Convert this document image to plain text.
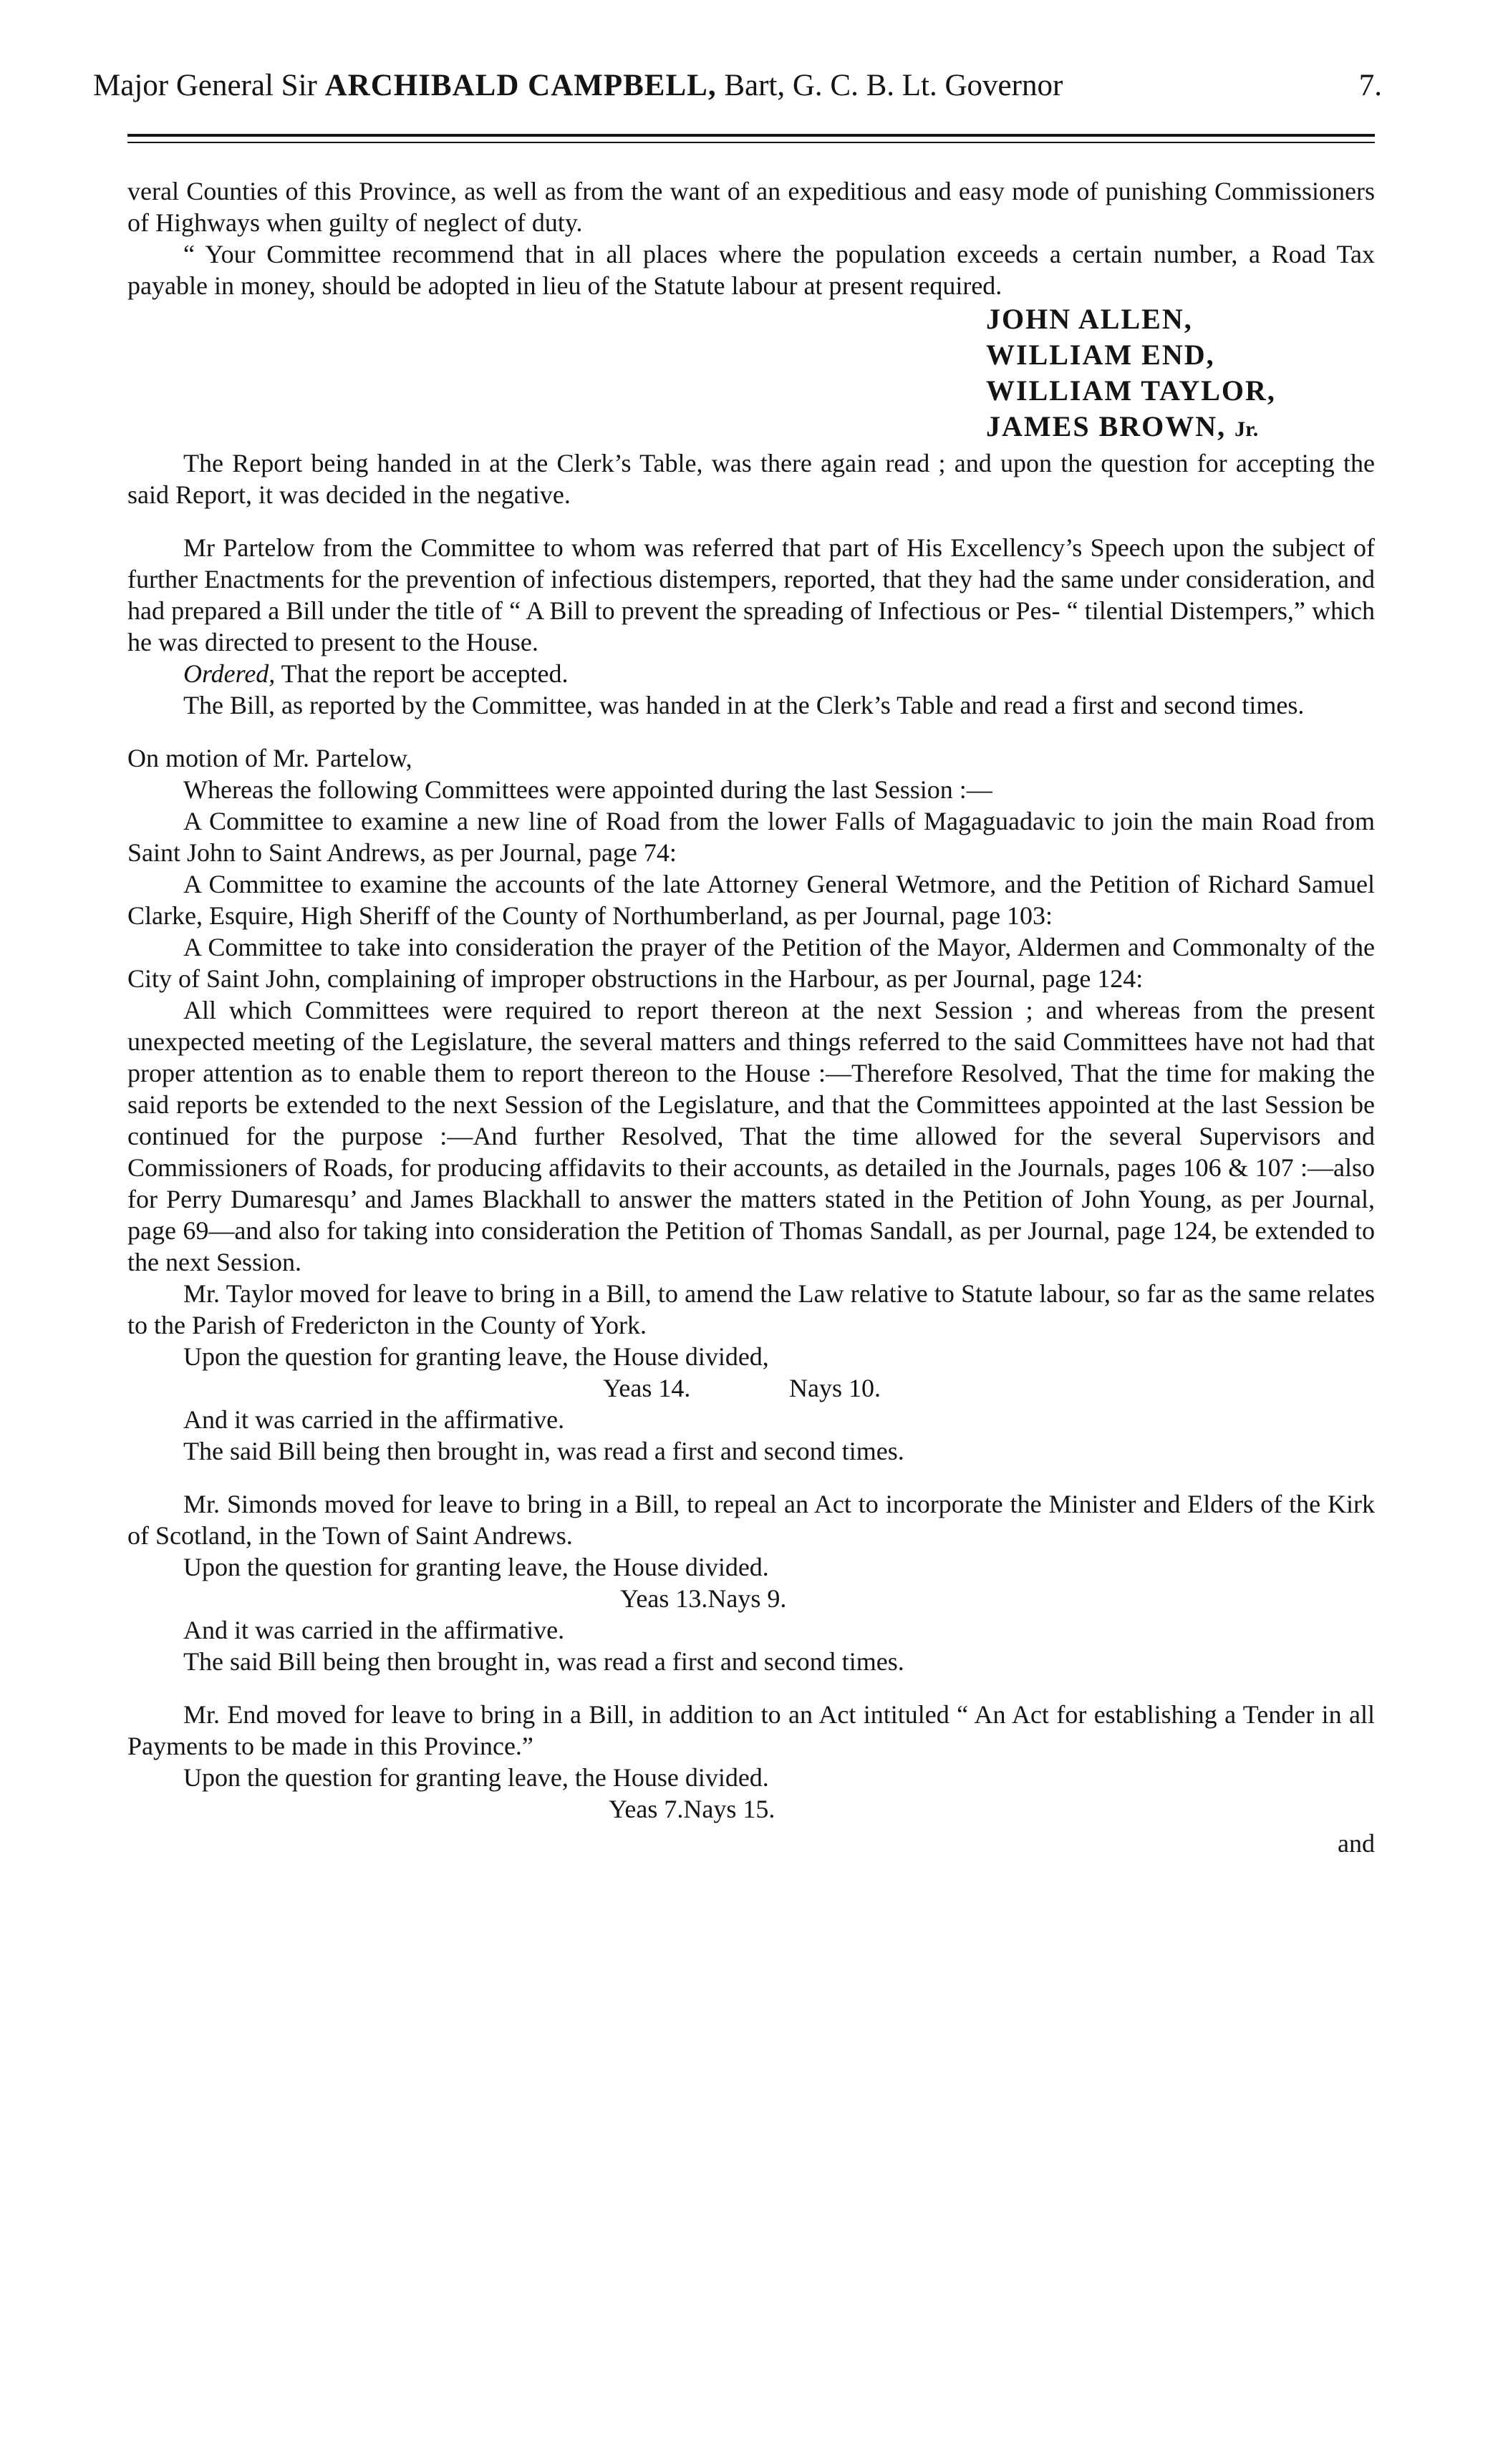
Major General Sir ARCHIBALD CAMPBELL, Bart, G. C. B. Lt. Governor	7.

veral Counties of this Province, as well as from the want of an expeditious and easy mode of punishing Commissioners of Highways when guilty of neglect of duty.

“ Your Committee recommend that in all places where the population exceeds a certain number, a Road Tax payable in money, should be adopted in lieu of the Statute labour at present required.

JOHN ALLEN,
WILLIAM END,
WILLIAM TAYLOR,
JAMES BROWN, Jr.

The Report being handed in at the Clerk’s Table, was there again read ; and upon the question for accepting the said Report, it was decided in the negative.

Mr Partelow from the Committee to whom was referred that part of His Excellency’s Speech upon the subject of further Enactments for the prevention of infectious distempers, reported, that they had the same under consideration, and had prepared a Bill under the title of “ A Bill to prevent the spreading of Infectious or Pes- “ tilential Distempers,” which he was directed to present to the House.

Ordered, That the report be accepted.

The Bill, as reported by the Committee, was handed in at the Clerk’s Table and read a first and second times.

On motion of Mr. Partelow,

Whereas the following Committees were appointed during the last Session :—

A Committee to examine a new line of Road from the lower Falls of Magaguadavic to join the main Road from Saint John to Saint Andrews, as per Journal, page 74:

A Committee to examine the accounts of the late Attorney General Wetmore, and the Petition of Richard Samuel Clarke, Esquire, High Sheriff of the County of Northumberland, as per Journal, page 103:

A Committee to take into consideration the prayer of the Petition of the Mayor, Aldermen and Commonalty of the City of Saint John, complaining of improper obstructions in the Harbour, as per Journal, page 124:

All which Committees were required to report thereon at the next Session ; and whereas from the present unexpected meeting of the Legislature, the several matters and things referred to the said Committees have not had that proper attention as to enable them to report thereon to the House :—Therefore Resolved, That the time for making the said reports be extended to the next Session of the Legislature, and that the Committees appointed at the last Session be continued for the purpose :—And further Resolved, That the time allowed for the several Supervisors and Commissioners of Roads, for producing affidavits to their accounts, as detailed in the Journals, pages 106 & 107 :—also for Perry Dumaresqu’ and James Blackhall to answer the matters stated in the Petition of John Young, as per Journal, page 69—and also for taking into consideration the Petition of Thomas Sandall, as per Journal, page 124, be extended to the next Session.

Mr. Taylor moved for leave to bring in a Bill, to amend the Law relative to Statute labour, so far as the same relates to the Parish of Fredericton in the County of York.

Upon the question for granting leave, the House divided,

Yeas 14.	Nays 10.

And it was carried in the affirmative.

The said Bill being then brought in, was read a first and second times.

Mr. Simonds moved for leave to bring in a Bill, to repeal an Act to incorporate the Minister and Elders of the Kirk of Scotland, in the Town of Saint Andrews.

Upon the question for granting leave, the House divided.

Yeas 13.Nays 9.

And it was carried in the affirmative.

The said Bill being then brought in, was read a first and second times.

Mr. End moved for leave to bring in a Bill, in addition to an Act intituled “ An Act for establishing a Tender in all Payments to be made in this Province.”

Upon the question for granting leave, the House divided.

Yeas 7.Nays 15.

and
